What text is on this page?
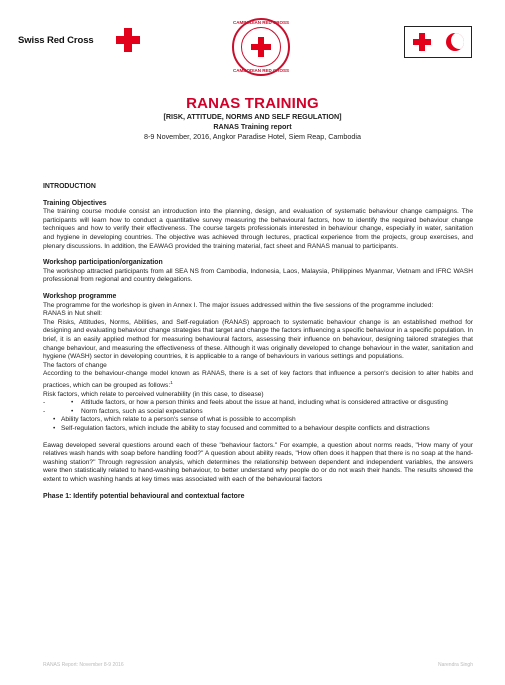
Swiss Red Cross
CAMBODIAN RED CROSS
CAMBODIAN RED CROSS
RANAS TRAINING
[RISK, ATTITUDE, NORMS AND SELF REGULATION]
RANAS Training report
8-9 November, 2016, Angkor Paradise Hotel, Siem Reap, Cambodia
INTRODUCTION
Training Objectives

The training course module consist an introduction into the planning, design, and evaluation of systematic behaviour change campaigns. The participants will learn how to conduct a quantitative survey measuring the behavioural factors, how to identify the required behaviour change techniques and how to verify their effectiveness. The course targets professionals interested in behaviour change, especially in water, sanitation and hygiene in developing countries. The objective was achieved through lectures, practical experience from the projects, group exercises, and plenary discussions. In addition, the EAWAG provided the training material, fact sheet and RANAS manual to participants.

Workshop participation/organization

The workshop attracted participants from all SEA NS from Cambodia, Indonesia, Laos, Malaysia, Philippines Myanmar, Vietnam and IFRC WASH professional from regional and country delegations.

Workshop programme

The programme for the workshop is given in Annex I. The major issues addressed within the five sessions of the programme included:

RANAS in Nut shell:

The Risks, Attitudes, Norms, Abilities, and Self-regulation (RANAS) approach to systematic behaviour change is an established method for designing and evaluating behaviour change strategies that target and change the factors influencing a specific behaviour in a specific population. In brief, it is an easily applied method for measuring behavioural factors, assessing their influence on behaviour, designing tailored strategies that change behaviour, and measuring the effectiveness of these. Although it was originally developed to change behaviour in the water, sanitation and hygiene (WASH) sector in developing countries, it is applicable to a range of behaviours in various settings and populations.

The factors of change

According to the behaviour-change model known as RANAS, there is a set of key factors that influence a person's decision to alter habits and practices, which can be grouped as follows:$^1$

Risk factors, which relate to perceived vulnerability (in this case, to disease)

-	• Attitude factors, or how a person thinks and feels about the issue at hand, including what is considered attractive or disgusting
-	• Norm factors, such as social expectations
• Ability factors, which relate to a person's sense of what is possible to accomplish
• Self-regulation factors, which include the ability to stay focused and committed to a behaviour despite conflicts and distractions

Eawag developed several questions around each of these "behaviour factors." For example, a question about norms reads, "How many of your relatives wash hands with soap before handling food?" A question about ability reads, "How often does it happen that there is no soap at the hand-washing station?" Through regression analysis, which determines the relationship between dependent and independent variables, the answers were then statistically related to hand-washing behaviour, to better understand why people do or do not wash their hands. The results showed the extent to which washing hands at key times was associated with each of the behavioural factors

Phase 1: Identify potential behavioural and contextual factore
RANAS Report: November 8-9 2016	Narendra Singh
